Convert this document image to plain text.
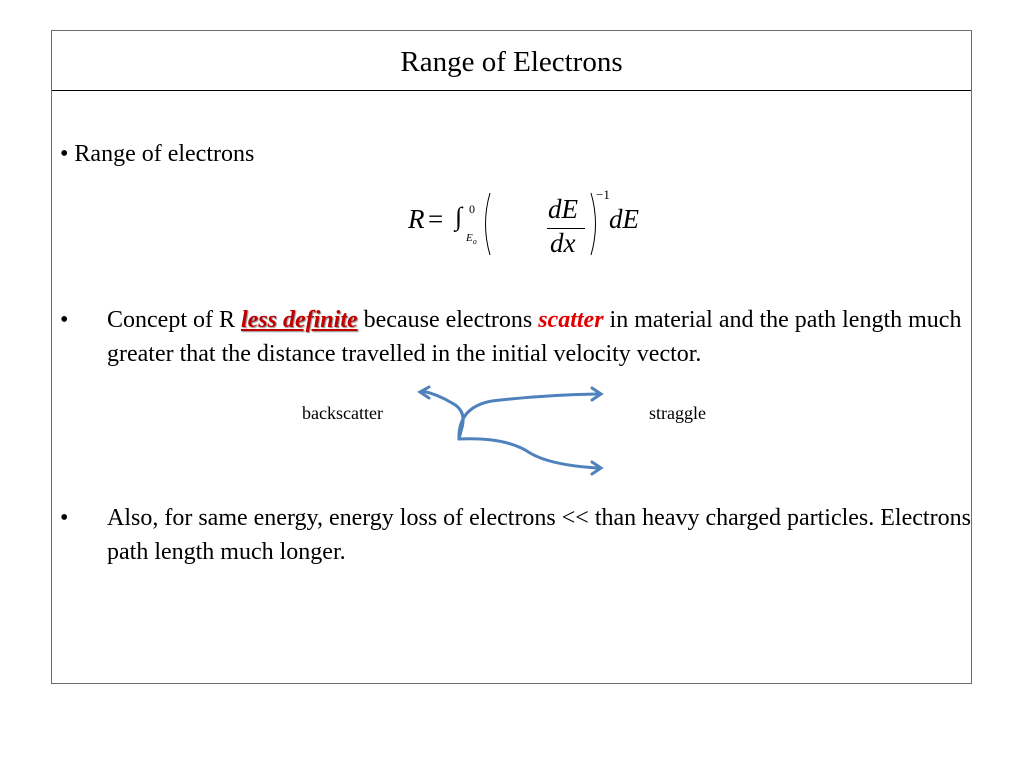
Range of Electrons
• Range of electrons
R = ∫ 0
$E_o$
dE
dx
−1
dE
•	Concept of R less definite because electrons scatter in material and the path length much greater that the distance travelled in the initial velocity vector.
backscatter	straggle
•	Also, for same energy, energy loss of electrons << than heavy charged particles. Electrons path length much longer.
